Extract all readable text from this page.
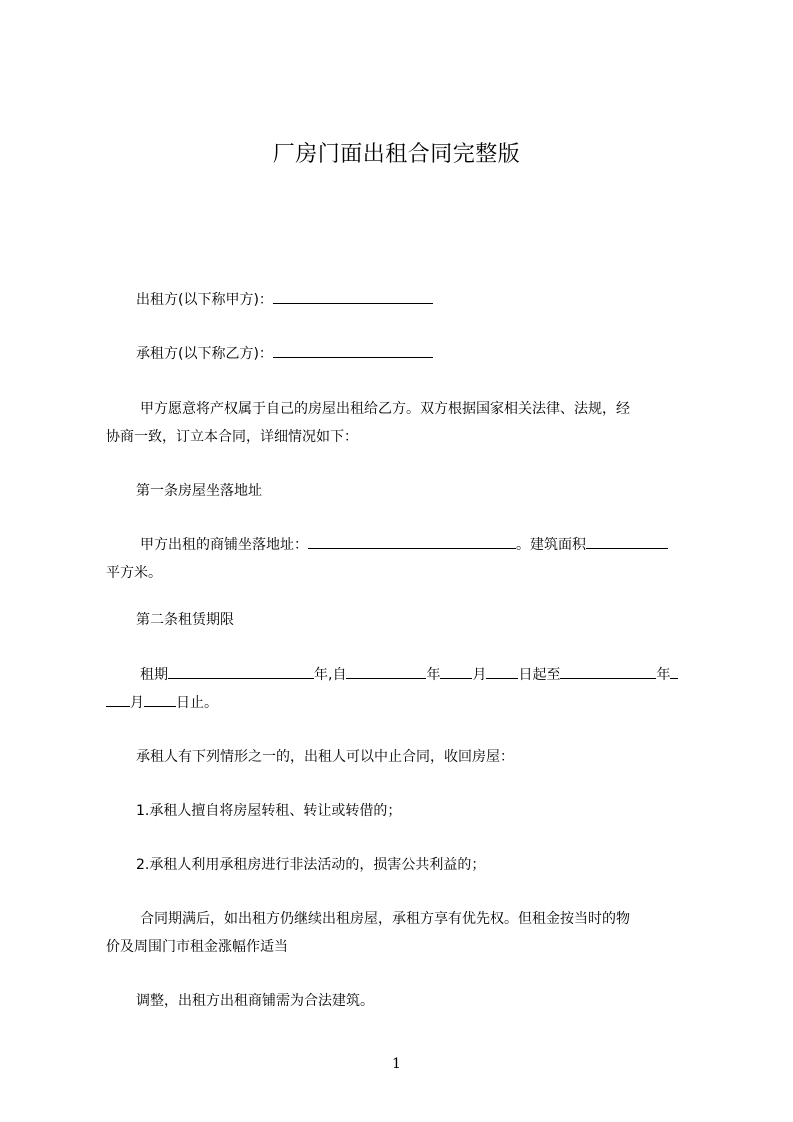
厂房门面出租合同完整版
出租方(以下称甲方)：
承租方(以下称乙方)：
甲方愿意将产权属于自己的房屋出租给乙方。双方根据国家相关法律、法规，经
协商一致，订立本合同，详细情况如下：
第一条房屋坐落地址
甲方出租的商铺坐落地址：	。建筑面积
平方米。
第二条租赁期限
租期	年,自	年 月 日起至	年
月 日止。
承租人有下列情形之一的，出租人可以中止合同，收回房屋：
1.承租人擅自将房屋转租、转让或转借的；
2.承租人利用承租房进行非法活动的，损害公共利益的；
合同期满后，如出租方仍继续出租房屋，承租方享有优先权。但租金按当时的物
价及周围门市租金涨幅作适当
调整，出租方出租商铺需为合法建筑。
1
